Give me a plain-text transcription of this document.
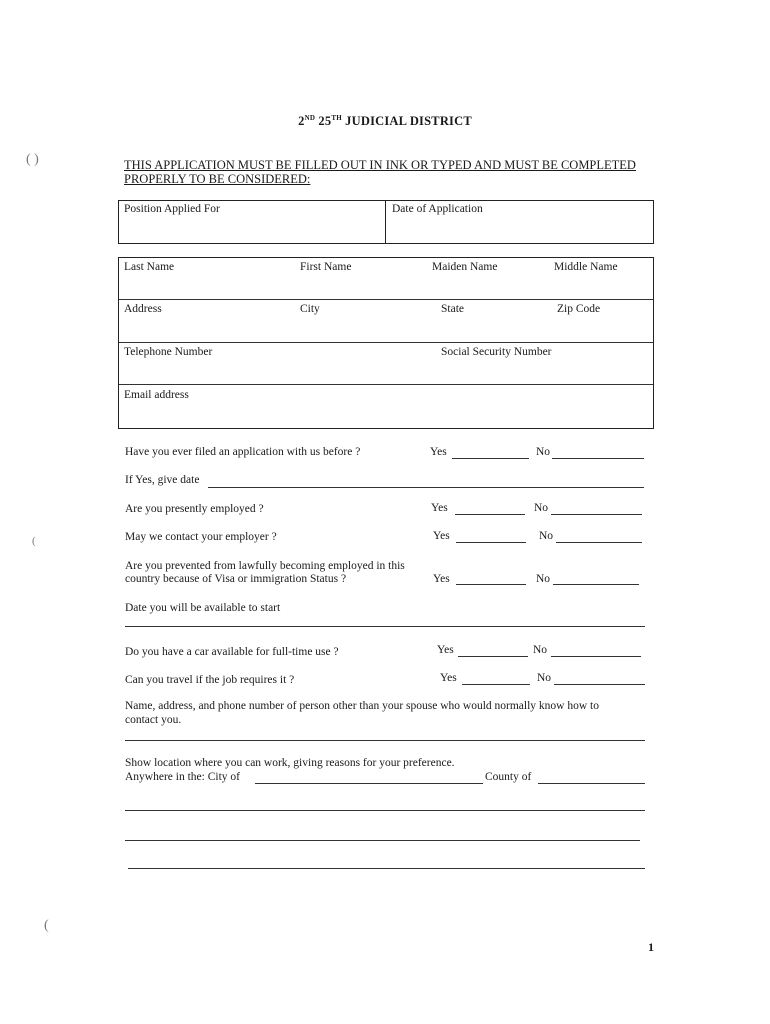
2ND 25TH JUDICIAL DISTRICT
( )
(
(
THIS APPLICATION MUST BE FILLED OUT IN INK OR TYPED AND MUST BE COMPLETED PROPERLY TO BE CONSIDERED:
Position Applied For	Date of Application
Last Name	First Name	Maiden Name	Middle Name
Address	City	State	Zip Code
Telephone Number	Social Security Number
Email address
Have you ever filed an application with us before ?	Yes	No
If Yes, give date
Are you presently employed ?	Yes	No
May we contact your employer ?	Yes	No
Are you prevented from lawfully becoming employed in this
country because of Visa or immigration Status ?	Yes	No
Date you will be available to start
Do you have a car available for full-time use ?	Yes	No
Can you travel if the job requires it ?	Yes	No
Name, address, and phone number of person other than your spouse who would normally know how to
contact you.
Show location where you can work, giving reasons for your preference.
Anywhere in the: City of	County of
1
